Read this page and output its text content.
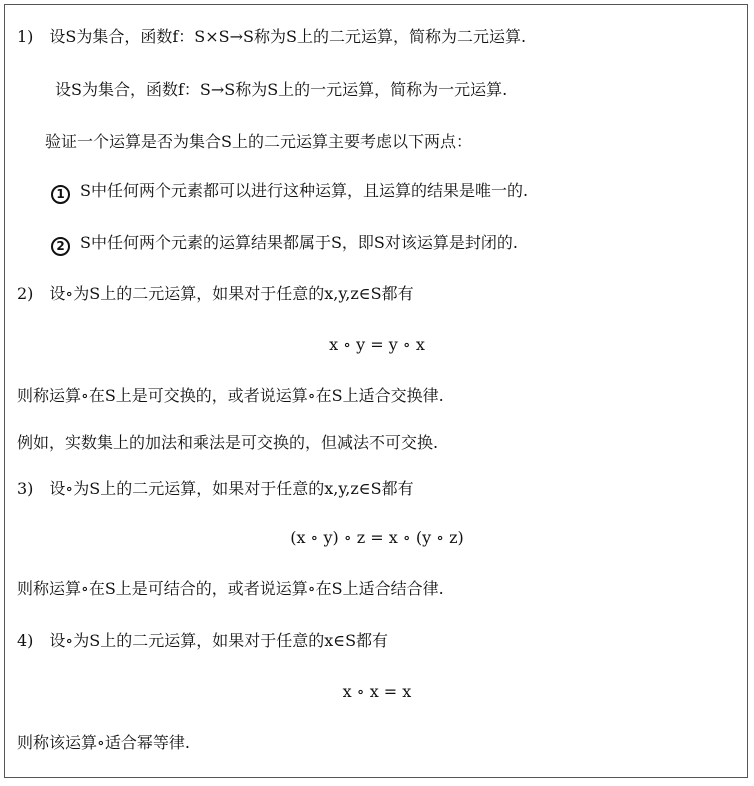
1)　设S为集合，函数f：S×S→S称为S上的二元运算，简称为二元运算.
设S为集合，函数f：S→S称为S上的一元运算，简称为一元运算.
验证一个运算是否为集合S上的二元运算主要考虑以下两点：
1 S中任何两个元素都可以进行这种运算，且运算的结果是唯一的.
2 S中任何两个元素的运算结果都属于S，即S对该运算是封闭的.
2)　设∘为S上的二元运算，如果对于任意的x,y,z∈S都有
x ∘ y = y ∘ x
则称运算∘在S上是可交换的，或者说运算∘在S上适合交换律.
例如，实数集上的加法和乘法是可交换的，但减法不可交换.
3)　设∘为S上的二元运算，如果对于任意的x,y,z∈S都有
(x ∘ y) ∘ z = x ∘ (y ∘ z)
则称运算∘在S上是可结合的，或者说运算∘在S上适合结合律.
4)　设∘为S上的二元运算，如果对于任意的x∈S都有
x ∘ x = x
则称该运算∘适合幂等律.
